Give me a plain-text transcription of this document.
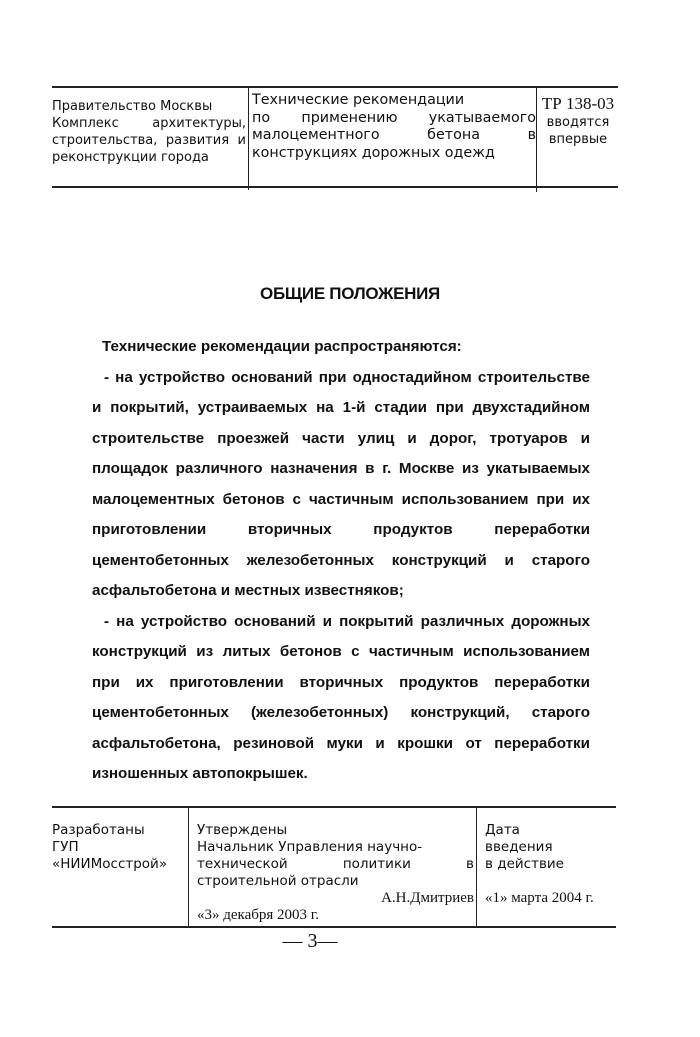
Правительство Москвы
Комплекс архитектуры,
строительства, развития и
реконструкции города
Технические рекомендации
по применению укатываемого
малоцементного бетона в
конструкциях дорожных одежд
ТР 138-03
вводятся
впервые
ОБЩИЕ ПОЛОЖЕНИЯ

Технические рекомендации распространяются:

- на устройство оснований при одностадийном строительстве и покрытий, устраиваемых на 1-й стадии при двухстадийном строительстве проезжей части улиц и дорог, тротуаров и площадок различного назначения в г. Москве из укатываемых малоцементных бетонов с частичным использованием при их приготовлении вторичных продуктов переработки цементобетонных железобетонных конструкций и старого асфальтобетона и местных известняков;

- на устройство оснований и покрытий различных дорожных конструкций из литых бетонов с частичным использованием при их приготовлении вторичных продуктов переработки цементобетонных (железобетонных) конструкций, старого асфальтобетона, резиновой муки и крошки от переработки изношенных автопокрышек.

Разработаны
ГУП
«НИИМосстрой»
Утверждены
Начальник Управления научно-
технической политики в
строительной отрасли
А.Н.Дмитриев
«3» декабря 2003 г.
Дата
введения
в действие
«1» марта 2004 г.
— 3—
